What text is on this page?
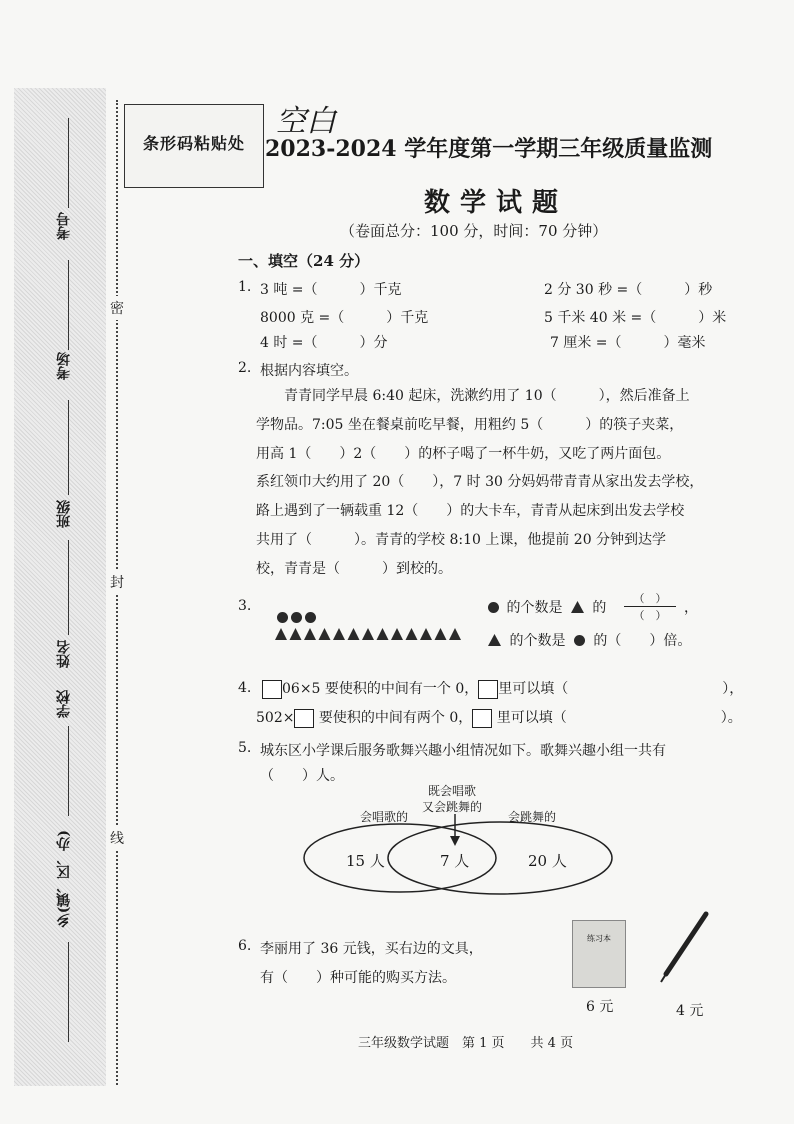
考号
考场
班级
姓名
学校
乡(镇、区、办)
密
封
线
条形码粘贴处
空白
2023-2024 学年度第一学期三年级质量监测
数学试题
（卷面总分：100 分，时间：70 分钟）
一、填空（24 分）
1. 3 吨 =（　　　）千克	2 分 30 秒 =（　　　）秒
8000 克 =（　　　）千克	5 千米 40 米 =（　　　）米
4 时 =（　　　）分	7 厘米 =（　　　）毫米
2. 根据内容填空。
青青同学早晨 6:40 起床，洗漱约用了 10（　　　），然后准备上
学物品。7:05 坐在餐桌前吃早餐，用粗约 5（　　　）的筷子夹菜，
用高 1（　　）2（　　）的杯子喝了一杯牛奶，又吃了两片面包。
系红领巾大约用了 20（　　），7 时 30 分妈妈带青青从家出发去学校，
路上遇到了一辆载重 12（　　）的大卡车，青青从起床到出发去学校
共用了（　　　）。青青的学校 8:10 上课，他提前 20 分钟到达学
校，青青是（　　　）到校的。
3.	的个数是 的
（　）
（　）	，
的个数是 的（　　）倍。
4.	06×5 要使积的中间有一个 0， 里可以填（　　　　　　　　　　　），
502× 要使积的中间有两个 0， 里可以填（　　　　　　　　　　　）。
5. 城东区小学课后服务歌舞兴趣小组情况如下。歌舞兴趣小组一共有
（　　）人。
既会唱歌
又会跳舞的
会唱歌的	会跳舞的
15 人	7 人	20 人
6. 李丽用了 36 元钱，买右边的文具，
有（　　）种可能的购买方法。
练习本
6 元	4 元
三年级数学试题　第 1 页　　共 4 页
